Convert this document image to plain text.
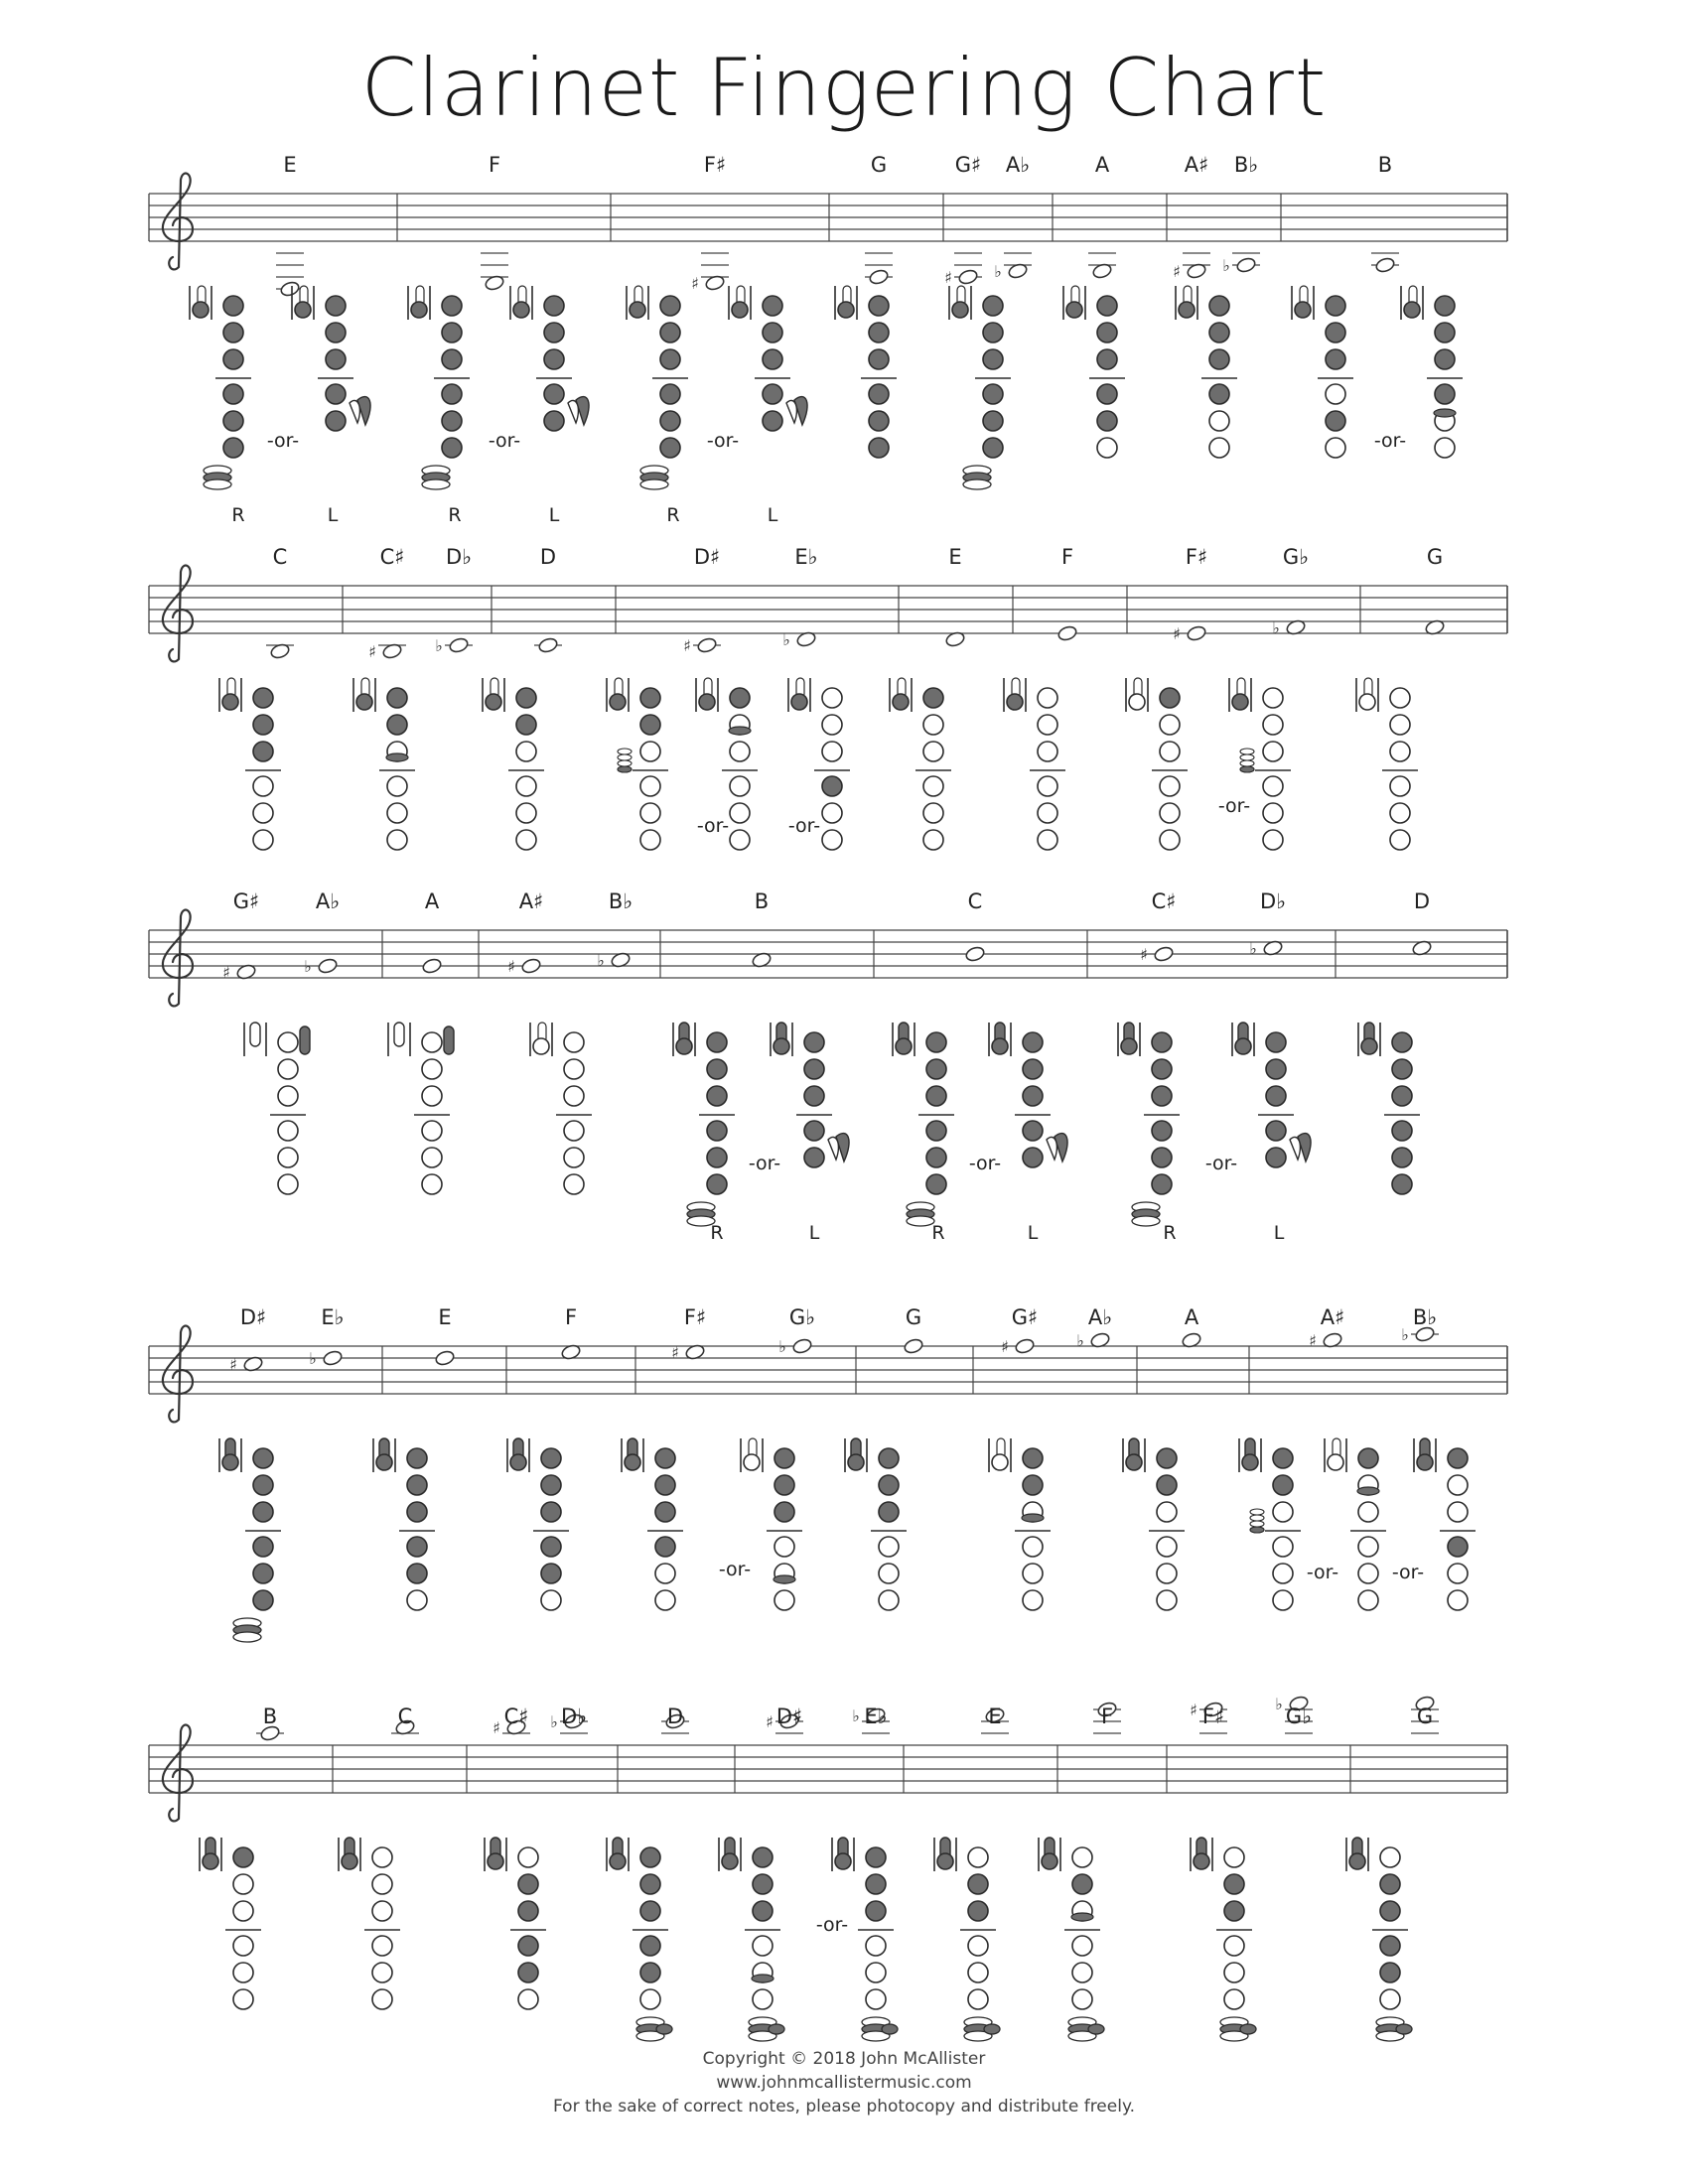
Clarinet Fingering Chart
E	F
♯
F♯	G
♯
G♯
♭
A♭	A
♯
A♯
♭
B♭	B
-or-	-or-	-or-	-or-
R	L	R	L	R	L
C
♯
C♯
♭
D♭	D
♯
D♯
♭
E♭	E	F
♯
F♯
♭
G♭	G
-or-	-or-
-or-
♯
G♯
♭
A♭	A
♯
A♯
♭
B♭	B	C
♯
C♯
♭
D♭	D
-or-	-or-	-or-
R	L	R	L	R	L
♯
D♯
♭
E♭	E	F
♯
F♯
♭
G♭	G
♯
G♯
♭
A♭	A
♯
A♯
♭
B♭
-or-	-or-	-or-
B	C	♯ C♯ ♭ D♭	D	♯ D♯	♭ E♭	E	F	♯ F♯
♭
G♭	G
-or-
Copyright © 2018 John McAllister
www.johnmcallistermusic.com
For the sake of correct notes, please photocopy and distribute freely.
